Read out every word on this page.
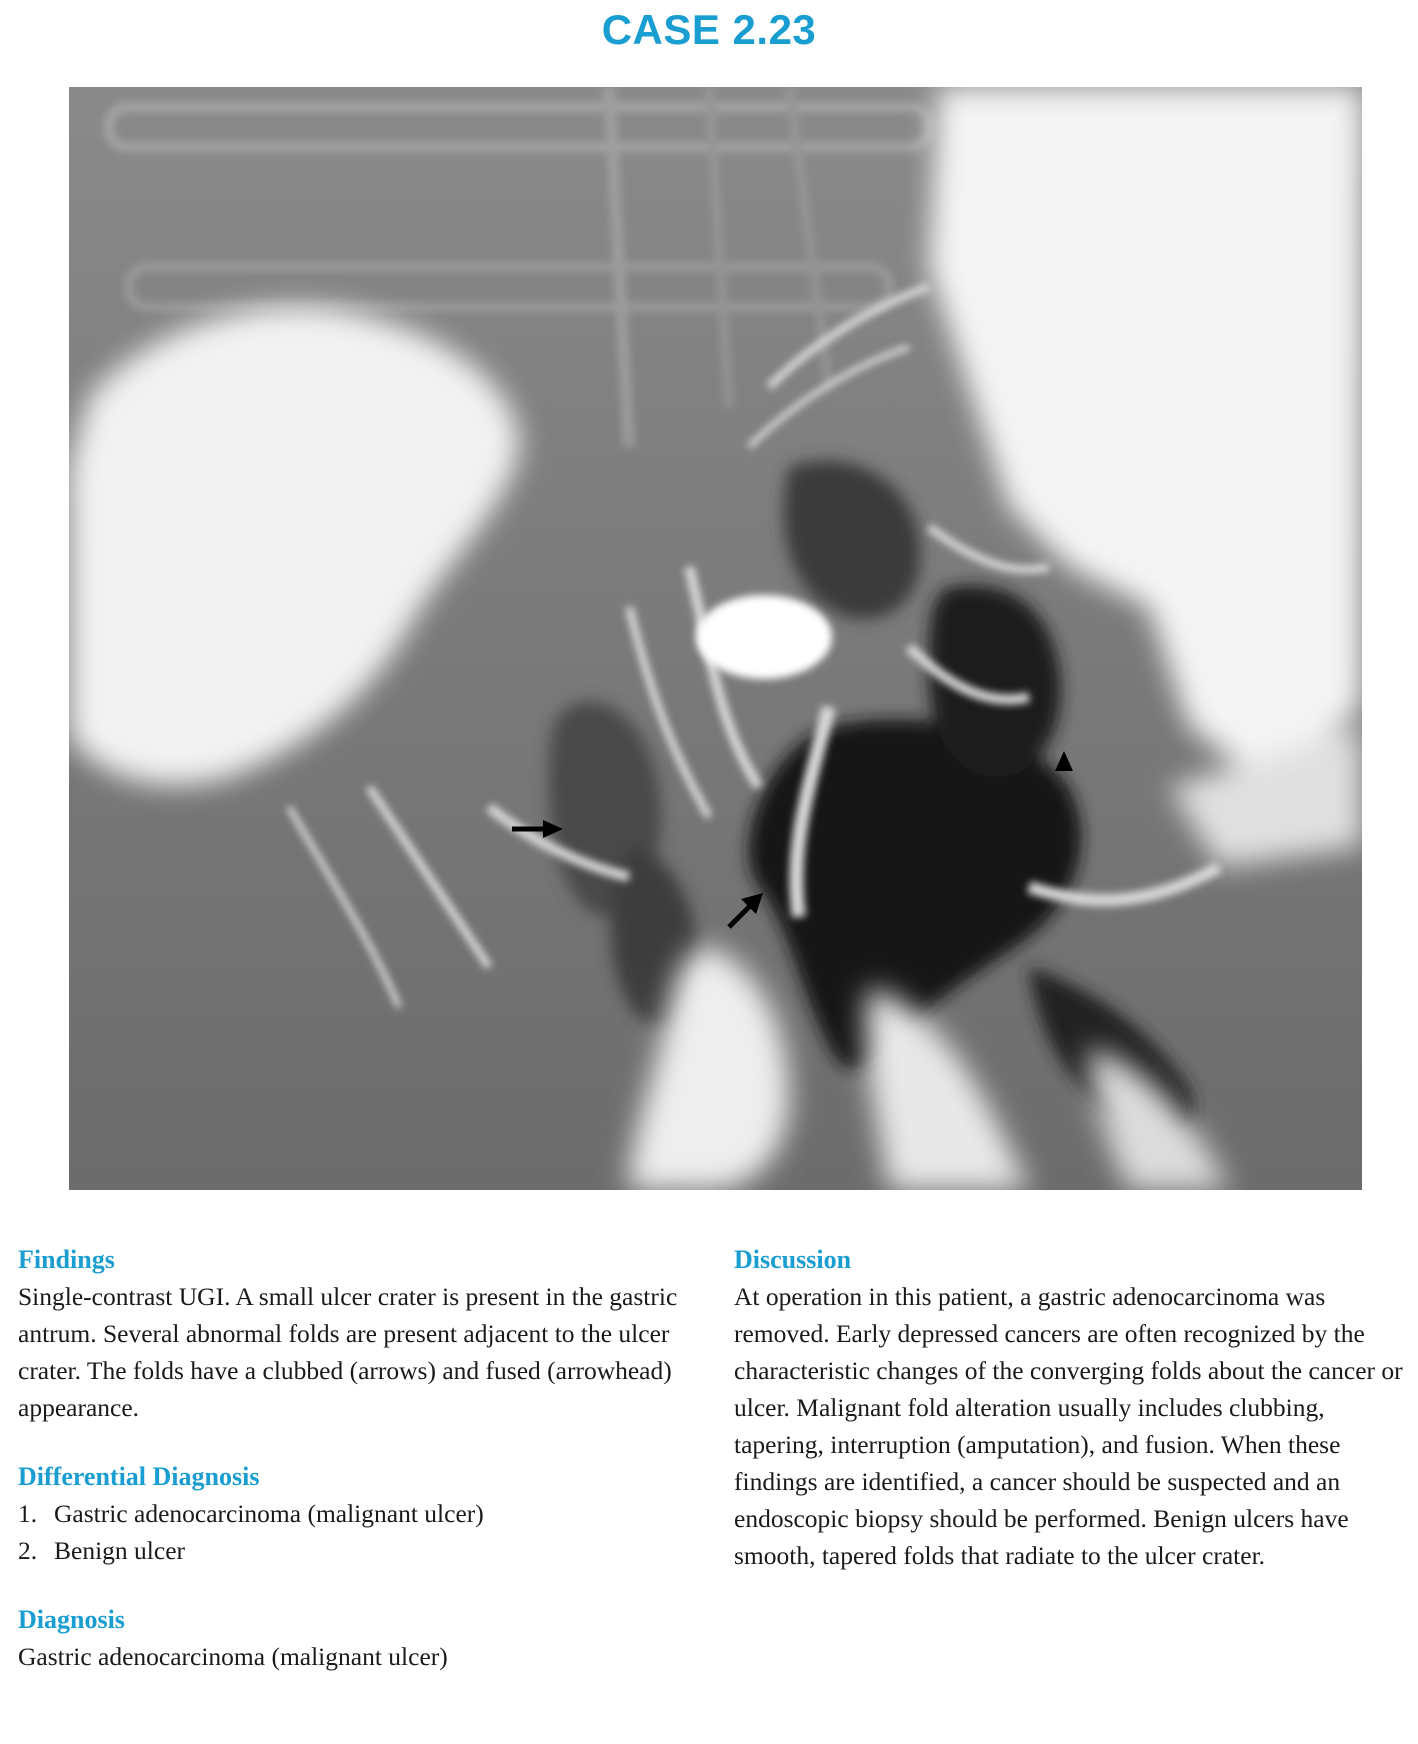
CASE 2.23
Findings

Single-contrast UGI. A small ulcer crater is present in the gastric antrum. Several abnormal folds are present adjacent to the ulcer crater. The folds have a clubbed (arrows) and fused (arrowhead) appearance.

Differential Diagnosis
1. Gastric adenocarcinoma (malignant ulcer)
2. Benign ulcer
Diagnosis

Gastric adenocarcinoma (malignant ulcer)

Discussion

At operation in this patient, a gastric adenocarcinoma was removed. Early depressed cancers are often recognized by the characteristic changes of the converging folds about the cancer or ulcer. Malignant fold alteration usually includes clubbing, tapering, interruption (amputation), and fusion. When these findings are identified, a cancer should be suspected and an endoscopic biopsy should be performed. Benign ulcers have smooth, tapered folds that radiate to the ulcer crater.
